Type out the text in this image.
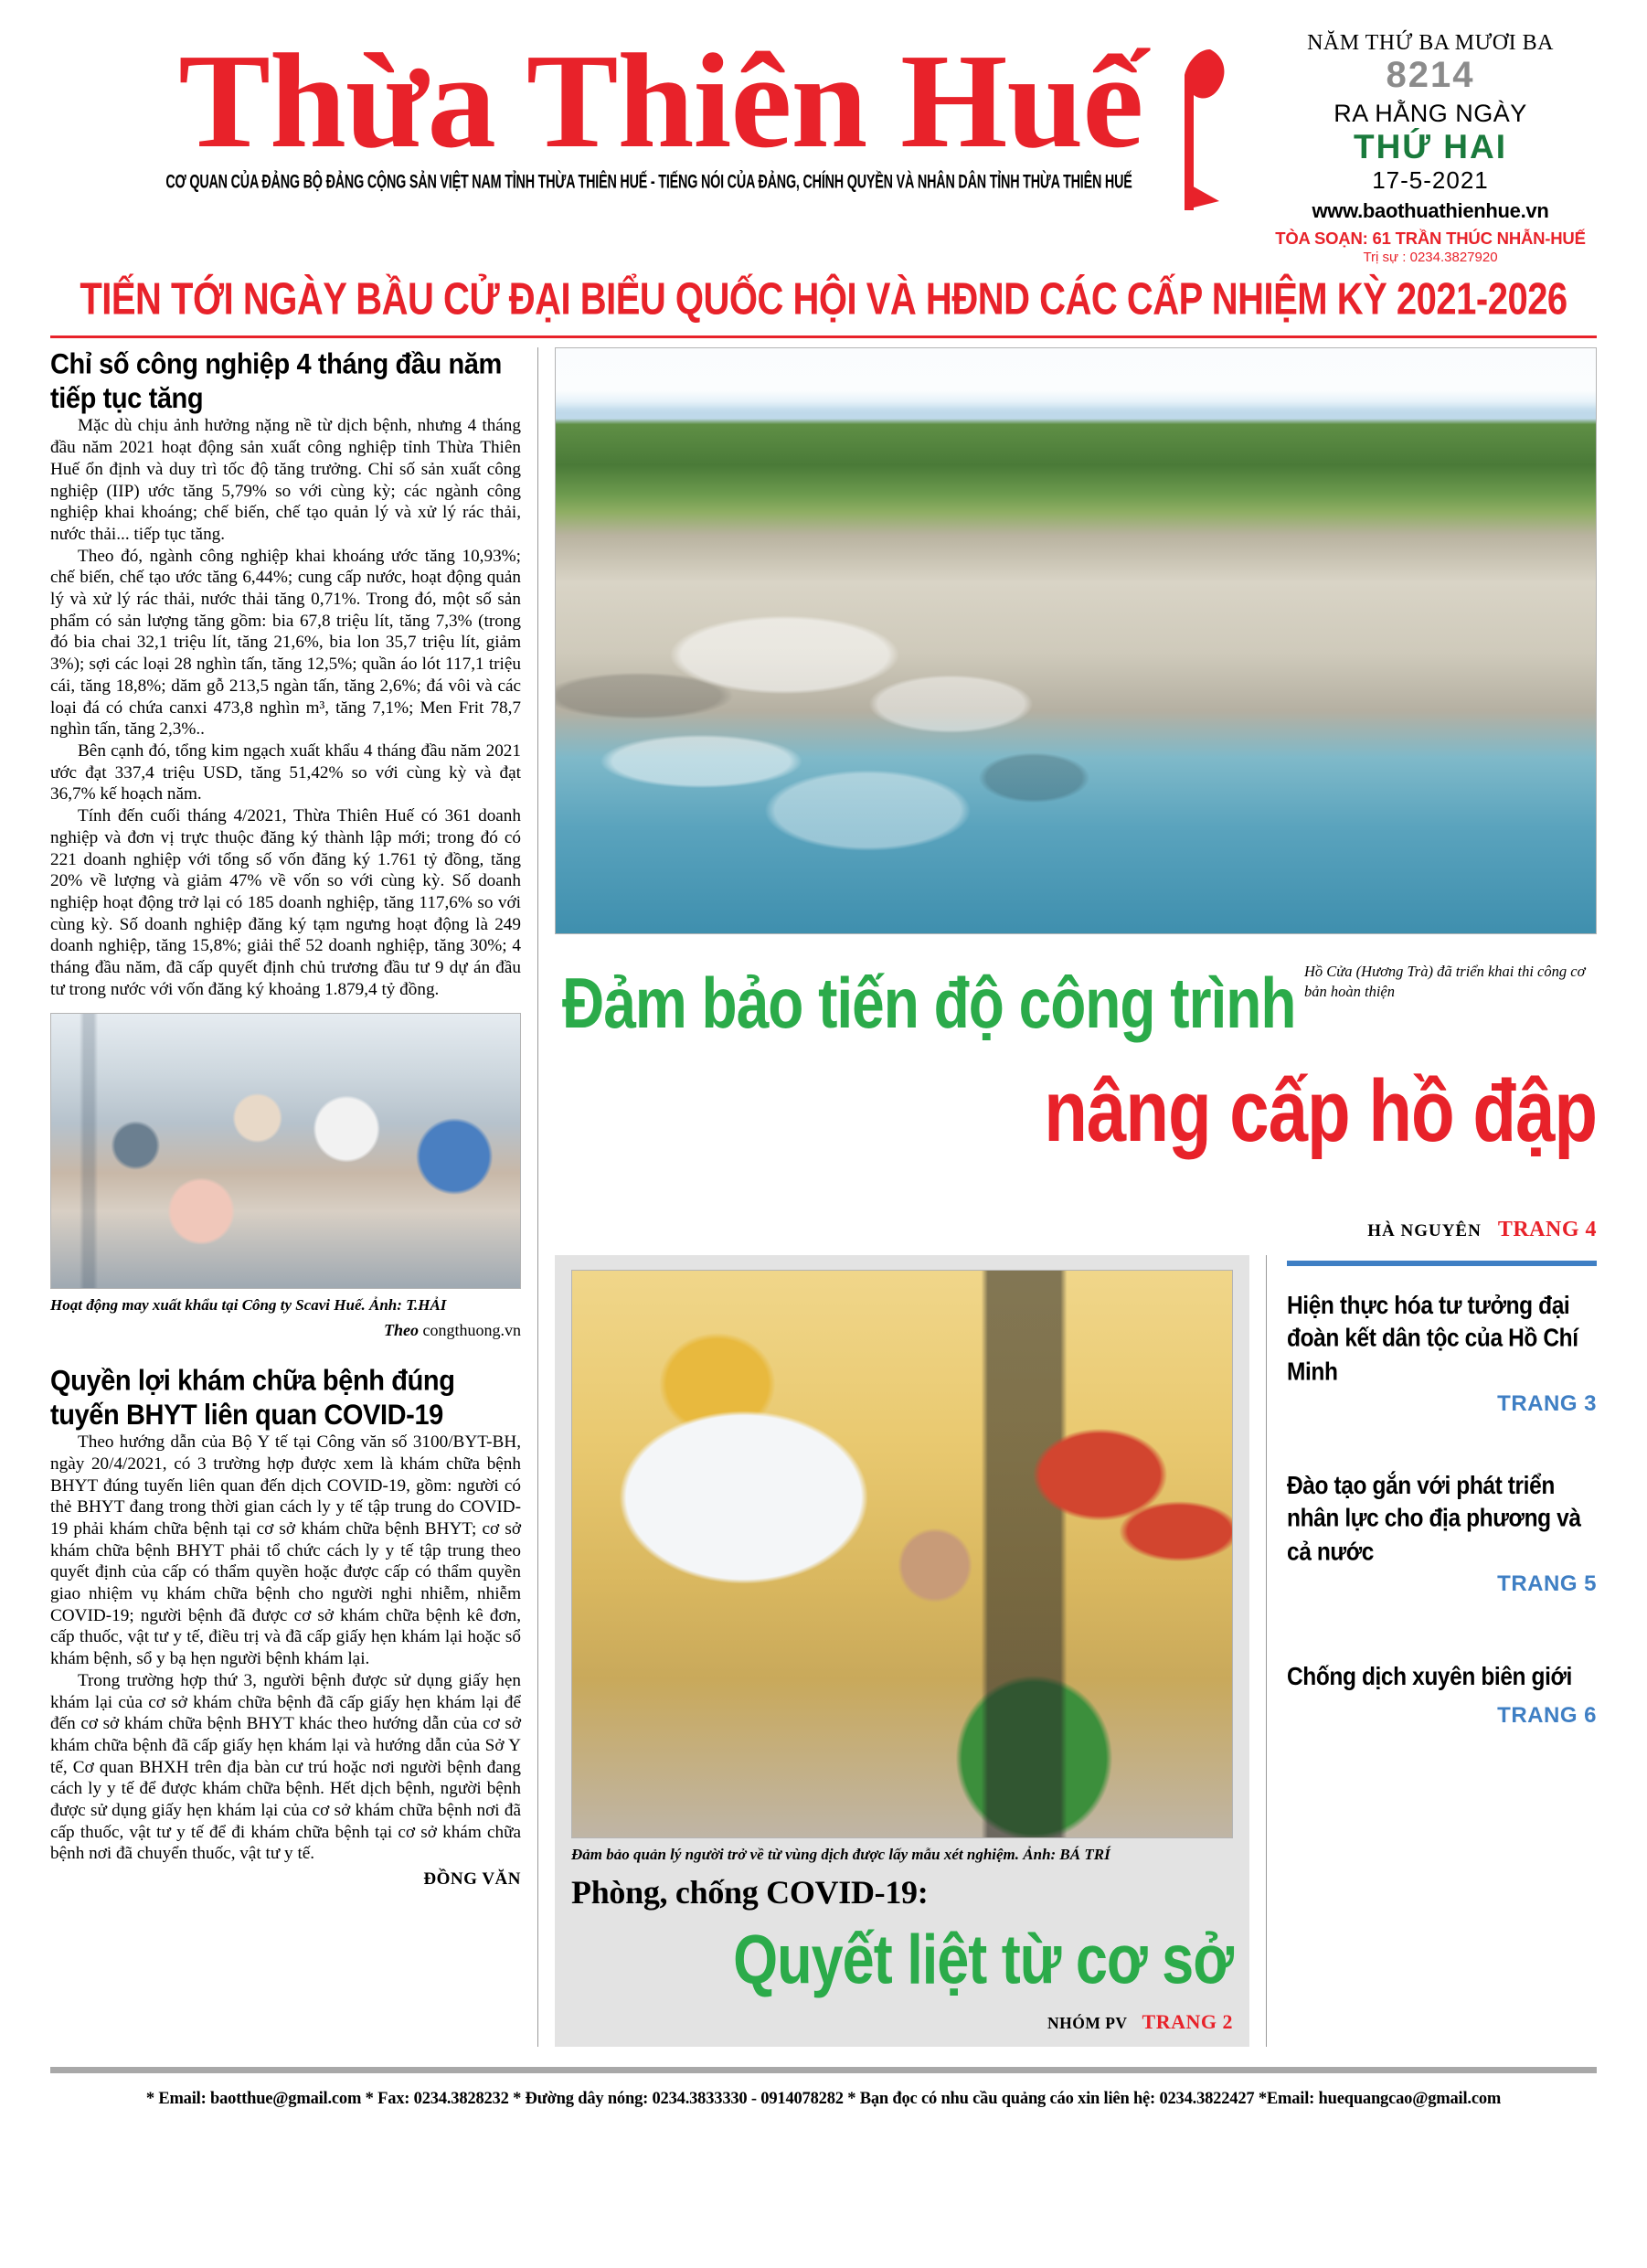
Thừa Thiên Huế
CƠ QUAN CỦA ĐẢNG BỘ ĐẢNG CỘNG SẢN VIỆT NAM TỈNH THỪA THIÊN HUẾ - TIẾNG NÓI CỦA ĐẢNG, CHÍNH QUYỀN VÀ NHÂN DÂN TỈNH THỪA THIÊN HUẾ
NĂM THỨ BA MƯƠI BA
8214
RA HẰNG NGÀY
THỨ HAI
17-5-2021
www.baothuathienhue.vn
TÒA SOẠN: 61 TRẦN THÚC NHẪN-HUẾ
Trị sự : 0234.3827920
TIẾN TỚI NGÀY BẦU CỬ ĐẠI BIỂU QUỐC HỘI VÀ HĐND CÁC CẤP NHIỆM KỲ 2021-2026
Chỉ số công nghiệp 4 tháng đầu năm tiếp tục tăng

Mặc dù chịu ảnh hưởng nặng nề từ dịch bệnh, nhưng 4 tháng đầu năm 2021 hoạt động sản xuất công nghiệp tỉnh Thừa Thiên Huế ổn định và duy trì tốc độ tăng trưởng. Chỉ số sản xuất công nghiệp (IIP) ước tăng 5,79% so với cùng kỳ; các ngành công nghiệp khai khoáng; chế biến, chế tạo quản lý và xử lý rác thải, nước thải... tiếp tục tăng.

Theo đó, ngành công nghiệp khai khoáng ước tăng 10,93%; chế biến, chế tạo ước tăng 6,44%; cung cấp nước, hoạt động quản lý và xử lý rác thải, nước thải tăng 0,71%. Trong đó, một số sản phẩm có sản lượng tăng gồm: bia 67,8 triệu lít, tăng 7,3% (trong đó bia chai 32,1 triệu lít, tăng 21,6%, bia lon 35,7 triệu lít, giảm 3%); sợi các loại 28 nghìn tấn, tăng 12,5%; quần áo lót 117,1 triệu cái, tăng 18,8%; dăm gỗ 213,5 ngàn tấn, tăng 2,6%; đá vôi và các loại đá có chứa canxi 473,8 nghìn m³, tăng 7,1%; Men Frit 78,7 nghìn tấn, tăng 2,3%..

Bên cạnh đó, tổng kim ngạch xuất khẩu 4 tháng đầu năm 2021 ước đạt 337,4 triệu USD, tăng 51,42% so với cùng kỳ và đạt 36,7% kế hoạch năm.

Tính đến cuối tháng 4/2021, Thừa Thiên Huế có 361 doanh nghiệp và đơn vị trực thuộc đăng ký thành lập mới; trong đó có 221 doanh nghiệp với tổng số vốn đăng ký 1.761 tỷ đồng, tăng 20% về lượng và giảm 47% về vốn so với cùng kỳ. Số doanh nghiệp hoạt động trở lại có 185 doanh nghiệp, tăng 117,6% so với cùng kỳ. Số doanh nghiệp đăng ký tạm ngưng hoạt động là 249 doanh nghiệp, tăng 15,8%; giải thể 52 doanh nghiệp, tăng 30%; 4 tháng đầu năm, đã cấp quyết định chủ trương đầu tư 9 dự án đầu tư trong nước với vốn đăng ký khoảng 1.879,4 tỷ đồng.

Hoạt động may xuất khẩu tại Công ty Scavi Huế. Ảnh: T.HẢI
Theo congthuong.vn
Quyền lợi khám chữa bệnh đúng tuyến BHYT liên quan COVID-19

Theo hướng dẫn của Bộ Y tế tại Công văn số 3100/BYT-BH, ngày 20/4/2021, có 3 trường hợp được xem là khám chữa bệnh BHYT đúng tuyến liên quan đến dịch COVID-19, gồm: người có thẻ BHYT đang trong thời gian cách ly y tế tập trung do COVID-19 phải khám chữa bệnh tại cơ sở khám chữa bệnh BHYT; cơ sở khám chữa bệnh BHYT phải tổ chức cách ly y tế tập trung theo quyết định của cấp có thẩm quyền hoặc được cấp có thẩm quyền giao nhiệm vụ khám chữa bệnh cho người nghi nhiễm, nhiễm COVID-19; người bệnh đã được cơ sở khám chữa bệnh kê đơn, cấp thuốc, vật tư y tế, điều trị và đã cấp giấy hẹn khám lại hoặc sổ khám bệnh, sổ y bạ hẹn người bệnh khám lại.

Trong trường hợp thứ 3, người bệnh được sử dụng giấy hẹn khám lại của cơ sở khám chữa bệnh đã cấp giấy hẹn khám lại để đến cơ sở khám chữa bệnh BHYT khác theo hướng dẫn của cơ sở khám chữa bệnh đã cấp giấy hẹn khám lại và hướng dẫn của Sở Y tế, Cơ quan BHXH trên địa bàn cư trú hoặc nơi người bệnh đang cách ly y tế để được khám chữa bệnh. Hết dịch bệnh, người bệnh được sử dụng giấy hẹn khám lại của cơ sở khám chữa bệnh nơi đã cấp thuốc, vật tư y tế để đi khám chữa bệnh tại cơ sở khám chữa bệnh nơi đã chuyển thuốc, vật tư y tế.

ĐỒNG VĂN
Hồ Cửa (Hương Trà) đã triển khai thi công cơ bản hoàn thiện
Đảm bảo tiến độ công trình
nâng cấp hồ đập
HÀ NGUYÊN TRANG 4
Đảm bảo quản lý người trở về từ vùng dịch được lấy mẫu xét nghiệm. Ảnh: BÁ TRÍ
Phòng, chống COVID-19:
Quyết liệt từ cơ sở
NHÓM PV TRANG 2
Hiện thực hóa tư tưởng đại đoàn kết dân tộc của Hồ Chí Minh
TRANG 3
Đào tạo gắn với phát triển nhân lực cho địa phương và cả nước
TRANG 5
Chống dịch xuyên biên giới
TRANG 6
* Email: baotthue@gmail.com * Fax: 0234.3828232 * Đường dây nóng: 0234.3833330 - 0914078282 * Bạn đọc có nhu cầu quảng cáo xin liên hệ: 0234.3822427 *Email: huequangcao@gmail.com
